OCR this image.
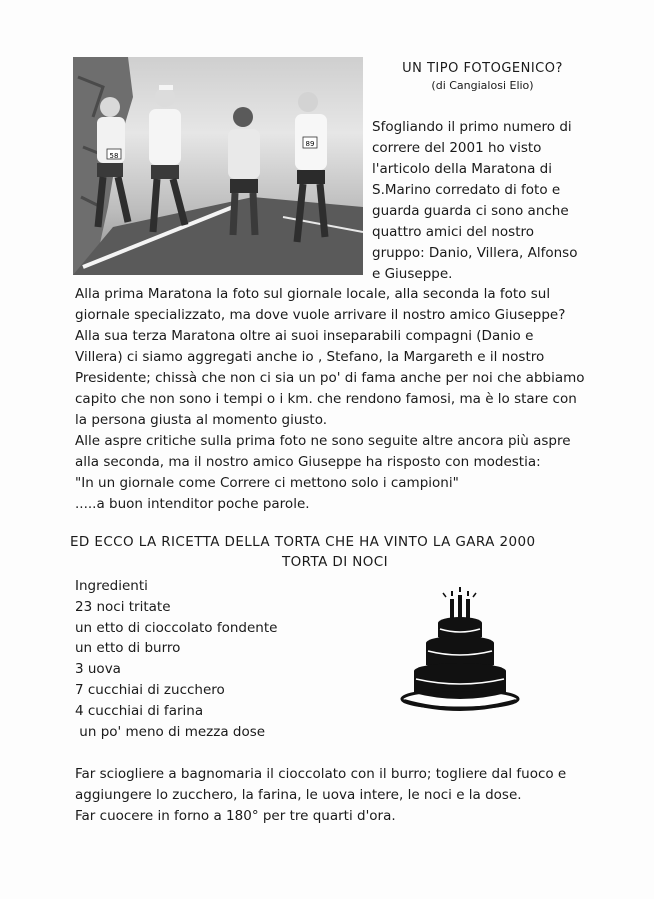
58
89
UN TIPO FOTOGENICO?
(di Cangialosi Elio)
Sfogliando il primo numero di
correre del 2001 ho visto
l'articolo della Maratona di
S.Marino corredato di foto e
guarda guarda ci sono anche
quattro amici del nostro
gruppo: Danio, Villera, Alfonso
e Giuseppe.
Alla prima Maratona la foto sul giornale locale, alla seconda la foto sul
giornale specializzato, ma dove vuole arrivare il nostro amico Giuseppe?
Alla sua terza Maratona oltre ai suoi inseparabili compagni (Danio e
Villera) ci siamo aggregati anche io , Stefano, la Margareth e il nostro
Presidente; chissà che non ci sia un po' di fama anche per noi che abbiamo
capito che non sono i tempi o i km. che rendono famosi, ma è lo stare con
la persona giusta al momento giusto.
Alle aspre critiche sulla prima foto ne sono seguite altre ancora più aspre
alla seconda, ma il nostro amico Giuseppe ha risposto con modestia:
"In un giornale come Correre ci mettono solo i campioni"
.....a buon intenditor poche parole.
ED ECCO LA RICETTA DELLA TORTA CHE HA VINTO LA GARA 2000
TORTA DI NOCI
Ingredienti
23 noci tritate
un etto di cioccolato fondente
un etto di burro
3 uova
7 cucchiai di zucchero
4 cucchiai di farina
un po' meno di mezza dose
Far sciogliere a bagnomaria il cioccolato con il burro; togliere dal fuoco e
aggiungere lo zucchero, la farina, le uova intere, le noci e la dose.
Far cuocere in forno a 180° per tre quarti d'ora.
